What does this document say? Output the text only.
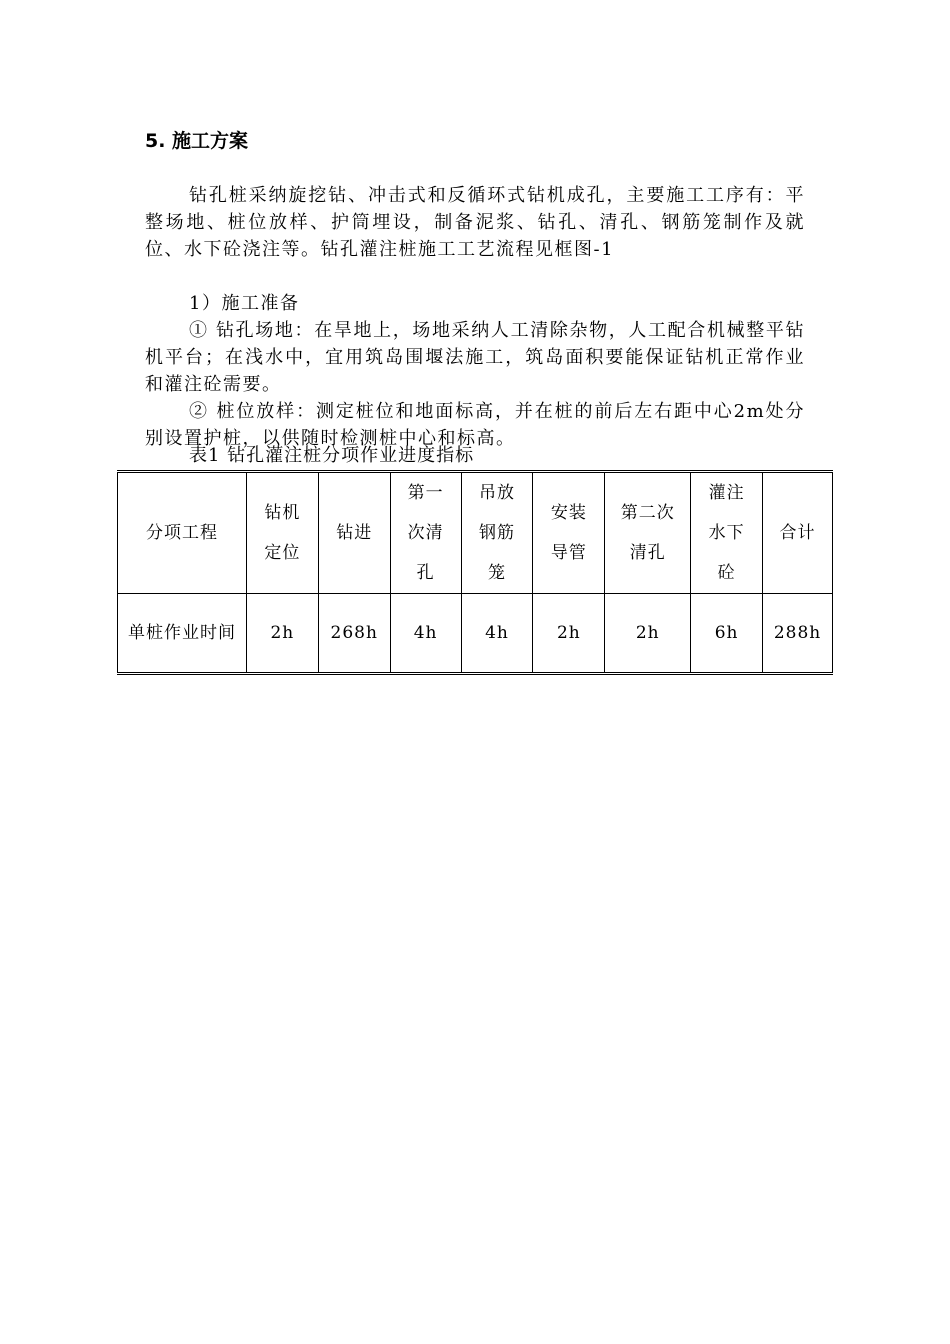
5. 施工方案

钻孔桩采纳旋挖钻、冲击式和反循环式钻机成孔，主要施工工序有：平整场地、桩位放样、护筒埋设，制备泥浆、钻孔、清孔、钢筋笼制作及就位、水下砼浇注等。钻孔灌注桩施工工艺流程见框图-1

1）施工准备

① 钻孔场地：在旱地上，场地采纳人工清除杂物，人工配合机械整平钻机平台；在浅水中，宜用筑岛围堰法施工，筑岛面积要能保证钻机正常作业和灌注砼需要。

② 桩位放样：测定桩位和地面标高，并在桩的前后左右距中心2m处分别设置护桩，以供随时检测桩中心和标高。

表1 钻孔灌注桩分项作业进度指标

分项工程	钻机定位	钻进	第一次清孔	吊放钢筋笼	安装导管	第二次清孔	灌注水下砼	合计
单桩作业时间	2h	268h	4h	4h	2h	2h	6h	288h
